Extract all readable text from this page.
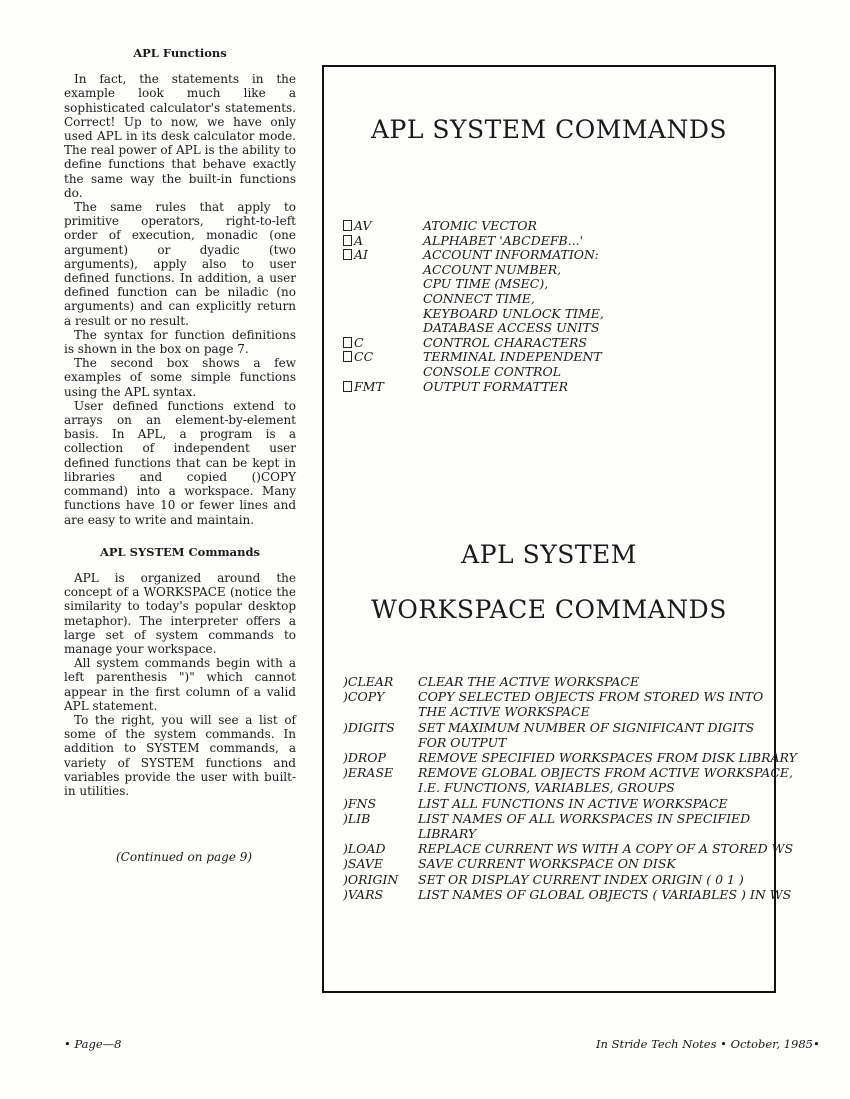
APL Functions

In fact, the statements in the example look much like a sophisticated calculator's statements. Correct! Up to now, we have only used APL in its desk calculator mode. The real power of APL is the ability to define functions that behave exactly the same way the built-in functions do.

The same rules that apply to primitive operators, right-to-left order of execution, monadic (one argument) or dyadic (two arguments), apply also to user defined functions. In addition, a user defined function can be niladic (no arguments) and can explicitly return a result or no result.

The syntax for function definitions is shown in the box on page 7.

The second box shows a few examples of some simple functions using the APL syntax.

User defined functions extend to arrays on an element-by-element basis. In APL, a program is a collection of independent user defined functions that can be kept in libraries and copied ()COPY command) into a workspace. Many functions have 10 or fewer lines and are easy to write and maintain.

APL SYSTEM Commands

APL is organized around the concept of a WORKSPACE (notice the similarity to today's popular desktop metaphor). The interpreter offers a large set of system commands to manage your workspace.

All system commands begin with a left parenthesis ")" which cannot appear in the first column of a valid APL statement.

To the right, you will see a list of some of the system commands. In addition to SYSTEM commands, a variety of SYSTEM functions and variables provide the user with built-in utilities.

(Continued on page 9)
APL SYSTEM COMMANDS
AV	ATOMIC VECTOR
A	ALPHABET 'ABCDEFB...'
AI	ACCOUNT INFORMATION:
ACCOUNT NUMBER,
CPU TIME (MSEC),
CONNECT TIME,
KEYBOARD UNLOCK TIME,
DATABASE ACCESS UNITS
C	CONTROL CHARACTERS
CC	TERMINAL INDEPENDENT
CONSOLE CONTROL
FMT	OUTPUT FORMATTER
APL SYSTEM
WORKSPACE COMMANDS
)CLEAR CLEAR THE ACTIVE WORKSPACE
)COPY	COPY SELECTED OBJECTS FROM STORED WS INTO
THE ACTIVE WORKSPACE
)DIGITS SET MAXIMUM NUMBER OF SIGNIFICANT DIGITS
FOR OUTPUT
)DROP	REMOVE SPECIFIED WORKSPACES FROM DISK LIBRARY
)ERASE REMOVE GLOBAL OBJECTS FROM ACTIVE WORKSPACE,
I.E. FUNCTIONS, VARIABLES, GROUPS
)FNS	LIST ALL FUNCTIONS IN ACTIVE WORKSPACE
)LIB	LIST NAMES OF ALL WORKSPACES IN SPECIFIED
LIBRARY
)LOAD	REPLACE CURRENT WS WITH A COPY OF A STORED WS
)SAVE	SAVE CURRENT WORKSPACE ON DISK
)ORIGIN SET OR DISPLAY CURRENT INDEX ORIGIN ( 0 1 )
)VARS	LIST NAMES OF GLOBAL OBJECTS ( VARIABLES ) IN WS
• Page—8	In Stride Tech Notes • October, 1985•
